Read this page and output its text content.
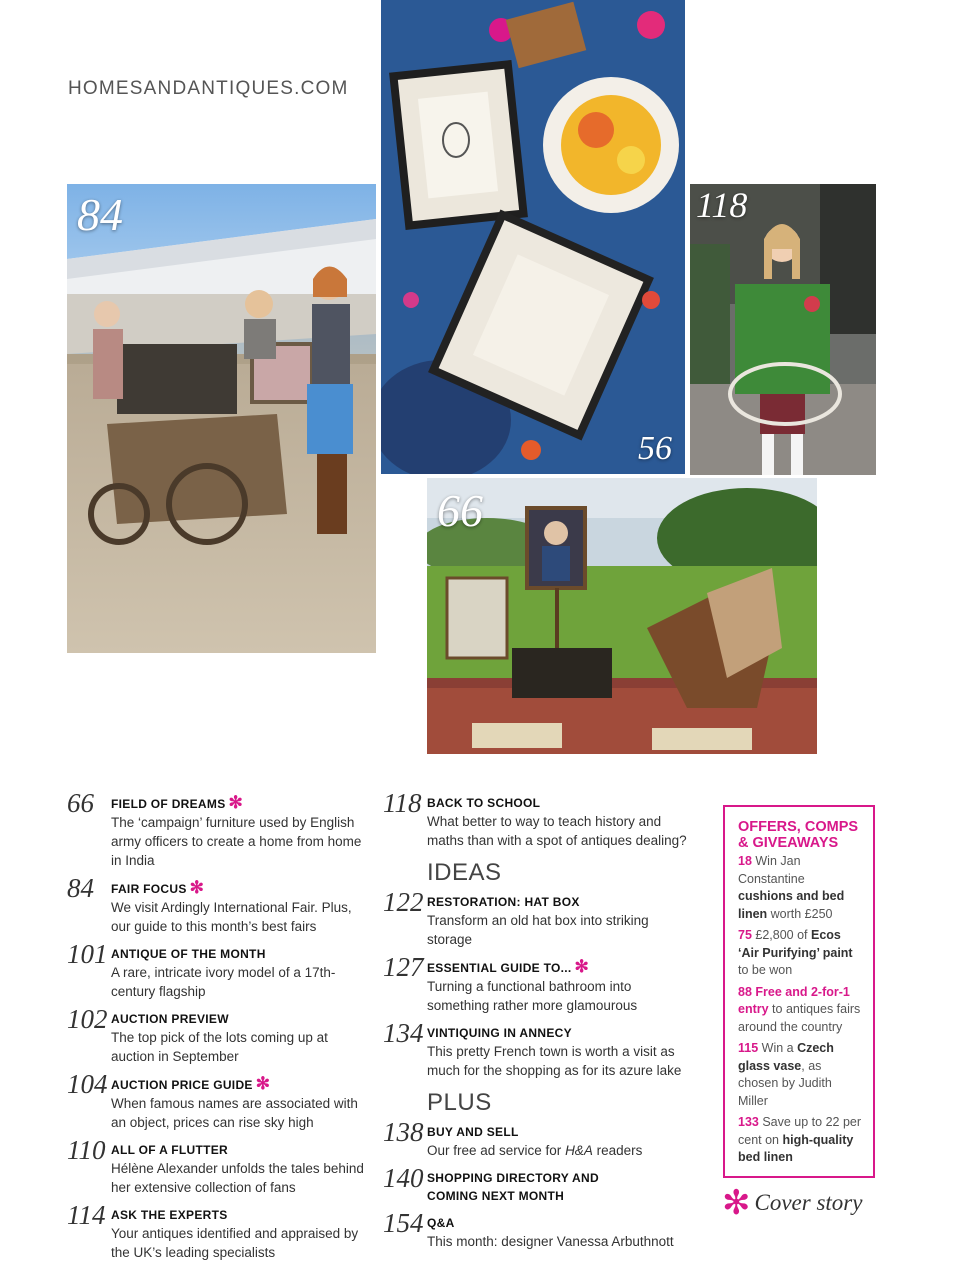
HOMESANDANTIQUES.COM
84
56
118
66
66 FIELD OF DREAMS ✻
The ‘campaign’ furniture used by English army officers to create a home from home in India
84 FAIR FOCUS ✻
We visit Ardingly International Fair. Plus, our guide to this month’s best fairs
101 ANTIQUE OF THE MONTH
A rare, intricate ivory model of a 17th-century flagship
102 AUCTION PREVIEW
The top pick of the lots coming up at auction in September
104 AUCTION PRICE GUIDE ✻
When famous names are associated with an object, prices can rise sky high
110 ALL OF A FLUTTER
Hélène Alexander unfolds the tales behind her extensive collection of fans
114 ASK THE EXPERTS
Your antiques identified and appraised by the UK’s leading specialists
118 BACK TO SCHOOL
What better to way to teach history and maths than with a spot of antiques dealing?
IDEAS
122 RESTORATION: HAT BOX
Transform an old hat box into striking storage
127 ESSENTIAL GUIDE TO... ✻
Turning a functional bathroom into something rather more glamourous
134 VINTIQUING IN ANNECY
This pretty French town is worth a visit as much for the shopping as for its azure lake
PLUS
138 BUY AND SELL
Our free ad service for H&A readers
140 SHOPPING DIRECTORY AND COMING NEXT MONTH
154 Q&A
This month: designer Vanessa Arbuthnott
OFFERS, COMPS & GIVEAWAYS
18 Win Jan Constantine cushions and bed linen worth £250
75 £2,800 of Ecos ‘Air Purifying’ paint to be won
88 Free and 2-for-1 entry to antiques fairs around the country
115 Win a Czech glass vase, as chosen by Judith Miller
133 Save up to 22 per cent on high-quality bed linen
✻ Cover story
